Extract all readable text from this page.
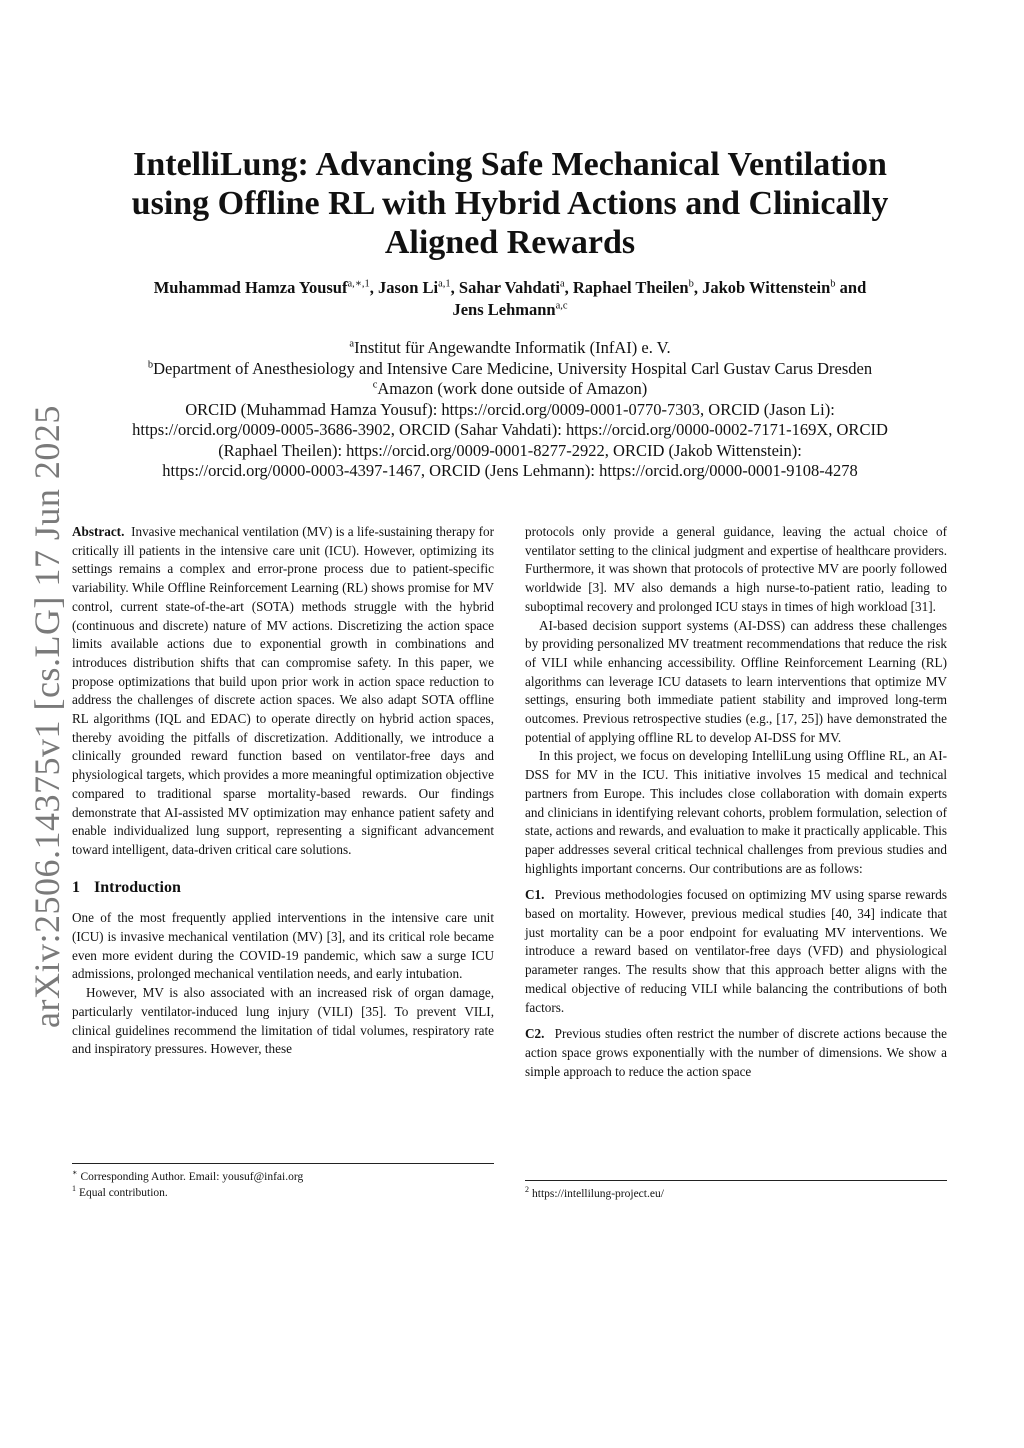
arXiv:2506.14375v1 [cs.LG] 17 Jun 2025
IntelliLung: Advancing Safe Mechanical Ventilation
using Offline RL with Hybrid Actions and Clinically
Aligned Rewards
Muhammad Hamza Yousuf$^{a,∗,1}$, Jason Li$^{a,1}$, Sahar Vahdati$^a$, Raphael Theilen$^b$, Jakob Wittenstein$^b$ and
Jens Lehmann$^{a,c}$
$^a$Institut für Angewandte Informatik (InfAI) e. V.
$^b$Department of Anesthesiology and Intensive Care Medicine, University Hospital Carl Gustav Carus Dresden
$^c$Amazon (work done outside of Amazon)
ORCID (Muhammad Hamza Yousuf): https://orcid.org/0009-0001-0770-7303, ORCID (Jason Li):
https://orcid.org/0009-0005-3686-3902, ORCID (Sahar Vahdati): https://orcid.org/0000-0002-7171-169X, ORCID
(Raphael Theilen): https://orcid.org/0009-0001-8277-2922, ORCID (Jakob Wittenstein):
https://orcid.org/0000-0003-4397-1467, ORCID (Jens Lehmann): https://orcid.org/0000-0001-9108-4278

Abstract. Invasive mechanical ventilation (MV) is a life-sustaining therapy for critically ill patients in the intensive care unit (ICU). However, optimizing its settings remains a complex and error-prone process due to patient-specific variability. While Offline Reinforcement Learning (RL) shows promise for MV control, current state-of-the-art (SOTA) methods struggle with the hybrid (continuous and discrete) nature of MV actions. Discretizing the action space limits available actions due to exponential growth in combinations and introduces distribution shifts that can compromise safety. In this paper, we propose optimizations that build upon prior work in action space reduction to address the challenges of discrete action spaces. We also adapt SOTA offline RL algorithms (IQL and EDAC) to operate directly on hybrid action spaces, thereby avoiding the pitfalls of discretization. Additionally, we introduce a clinically grounded reward function based on ventilator-free days and physiological targets, which provides a more meaningful optimization objective compared to traditional sparse mortality-based rewards. Our findings demonstrate that AI-assisted MV optimization may enhance patient safety and enable individualized lung support, representing a significant advancement toward intelligent, data-driven critical care solutions.

1 Introduction

One of the most frequently applied interventions in the intensive care unit (ICU) is invasive mechanical ventilation (MV) [3], and its critical role became even more evident during the COVID-19 pandemic, which saw a surge ICU admissions, prolonged mechanical ventilation needs, and early intubation.

However, MV is also associated with an increased risk of organ damage, particularly ventilator-induced lung injury (VILI) [35]. To prevent VILI, clinical guidelines recommend the limitation of tidal volumes, respiratory rate and inspiratory pressures. However, these

protocols only provide a general guidance, leaving the actual choice of ventilator setting to the clinical judgment and expertise of healthcare providers. Furthermore, it was shown that protocols of protective MV are poorly followed worldwide [3]. MV also demands a high nurse-to-patient ratio, leading to suboptimal recovery and prolonged ICU stays in times of high workload [31].

AI-based decision support systems (AI-DSS) can address these challenges by providing personalized MV treatment recommendations that reduce the risk of VILI while enhancing accessibility. Offline Reinforcement Learning (RL) algorithms can leverage ICU datasets to learn interventions that optimize MV settings, ensuring both immediate patient stability and improved long-term outcomes. Previous retrospective studies (e.g., [17, 25]) have demonstrated the potential of applying offline RL to develop AI-DSS for MV.

In this project, we focus on developing IntelliLung using Offline RL, an AI-DSS for MV in the ICU. This initiative involves 15 medical and technical partners from Europe. This includes close collaboration with domain experts and clinicians in identifying relevant cohorts, problem formulation, selection of state, actions and rewards, and evaluation to make it practically applicable. This paper addresses several critical technical challenges from previous studies and highlights important concerns. Our contributions are as follows:

C1. Previous methodologies focused on optimizing MV using sparse rewards based on mortality. However, previous medical studies [40, 34] indicate that just mortality can be a poor endpoint for evaluating MV interventions. We introduce a reward based on ventilator-free days (VFD) and physiological parameter ranges. The results show that this approach better aligns with the medical objective of reducing VILI while balancing the contributions of both factors.

C2. Previous studies often restrict the number of discrete actions because the action space grows exponentially with the number of dimensions. We show a simple approach to reduce the action space

∗ Corresponding Author. Email: yousuf@infai.org
$^1$ Equal contribution.	$^2$ https://intellilung-project.eu/
